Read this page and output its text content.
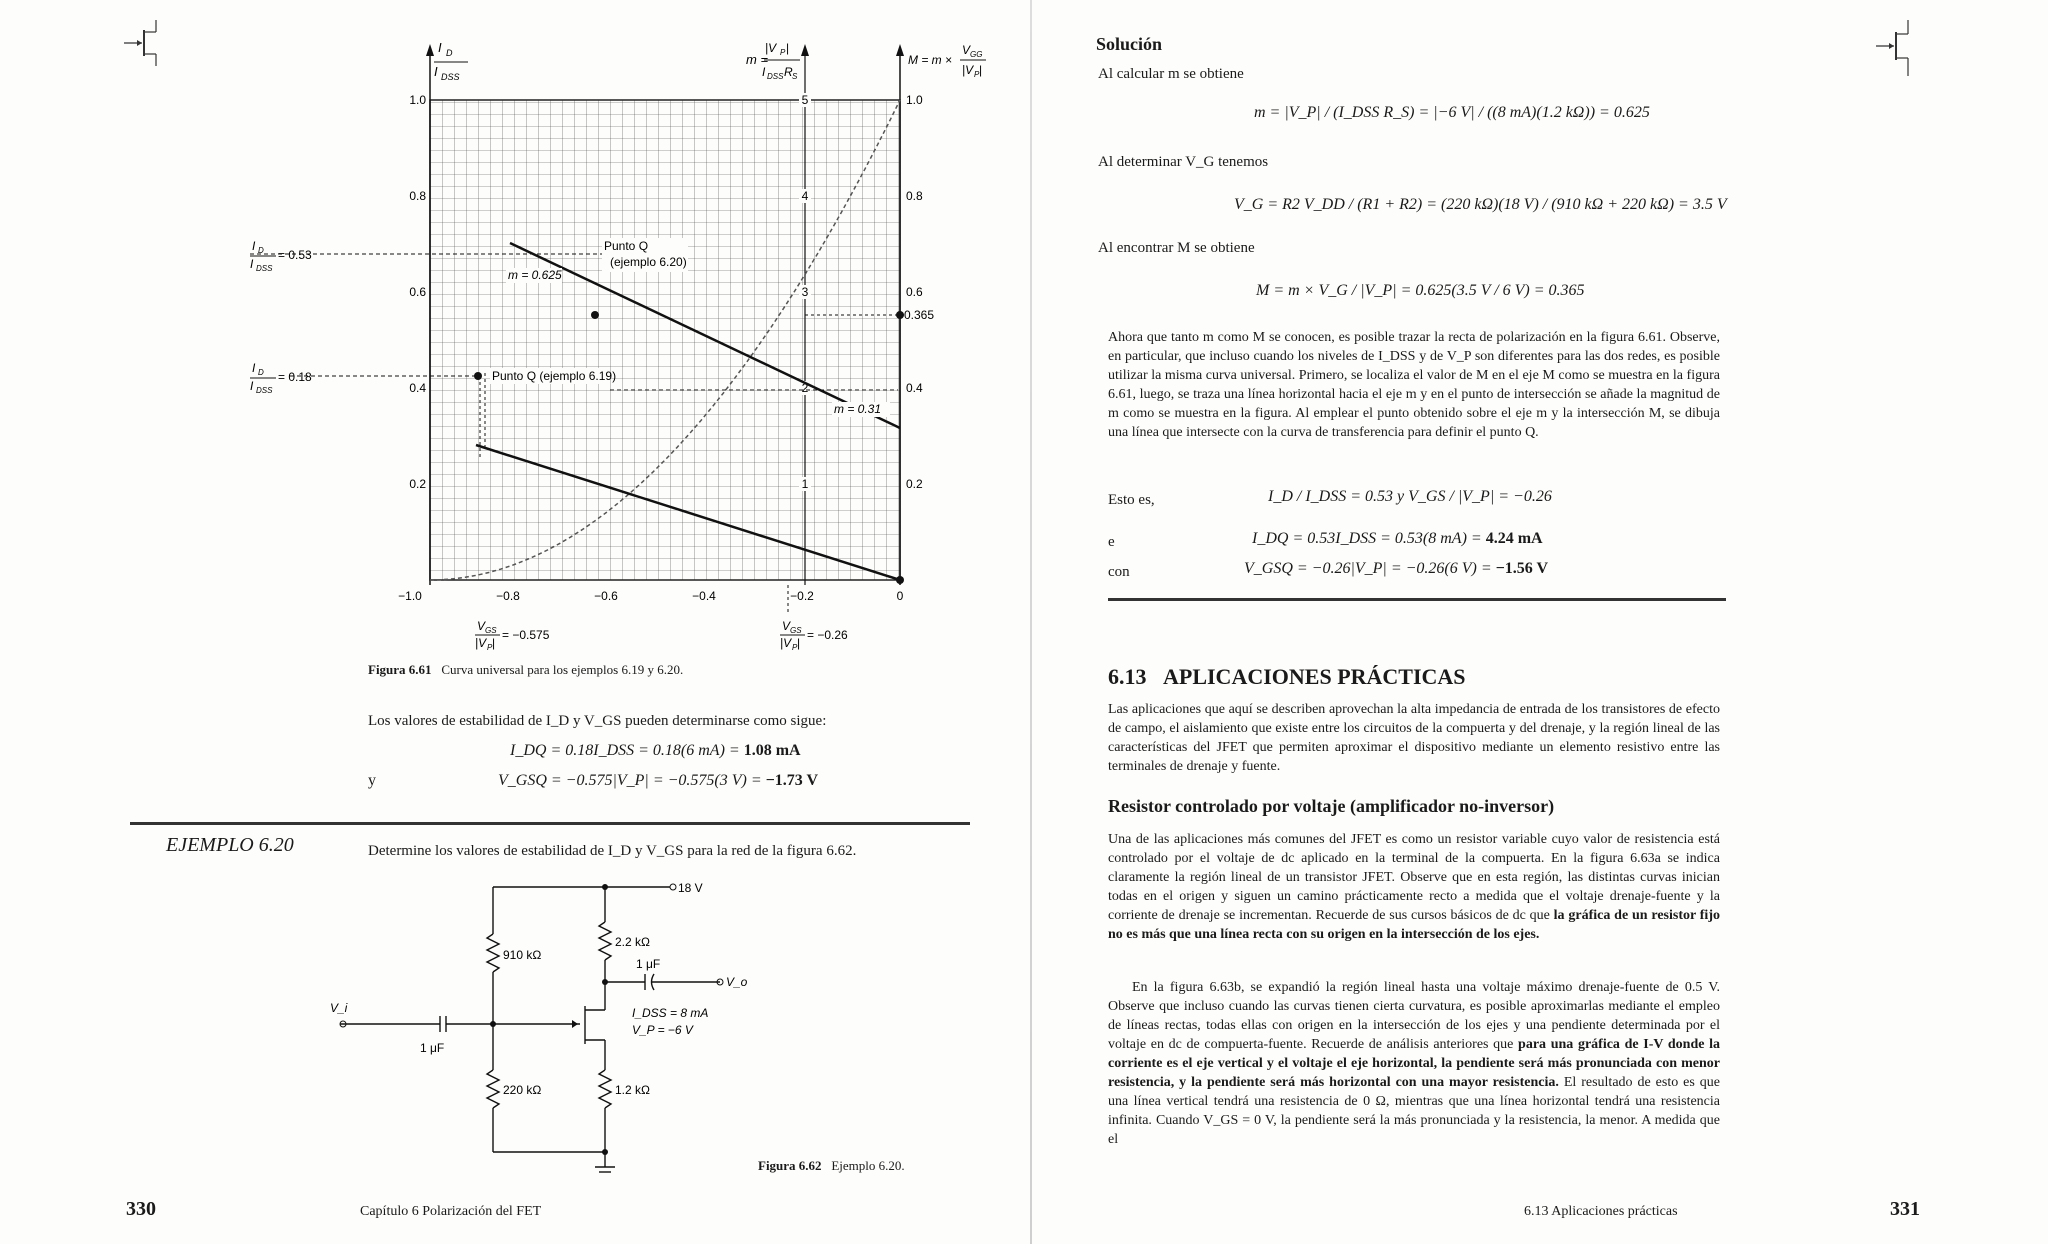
I D
I DSS
m =
|V P |
I DSS R S
M = m ×
V GG
|V P |
1.0
0.8
0.6
0.4
0.2
1.0
0.8
0.6
0.4
0.2
5
4
3
2
1
−1.0	−0.8	−0.6	−0.4	−0.2	0
Punto Q
(ejemplo 6.20)
Punto Q (ejemplo 6.19)
m = 0.625
m = 0.31
0.365
I D
I DSS
= 0.53
I D
I DSS
= 0.18
V GS
|V P |
= −0.575
V GS
|V P |
= −0.26
Figura 6.61 Curva universal para los ejemplos 6.19 y 6.20.
Los valores de estabilidad de I_D y V_GS pueden determinarse como sigue:
I_DQ = 0.18I_DSS = 0.18(6 mA) = 1.08 mA
y	V_GSQ = −0.575|V_P| = −0.575(3 V) = −1.73 V
EJEMPLO 6.20	Determine los valores de estabilidad de I_D y V_GS para la red de la figura 6.62.
18 V
910 kΩ
220 kΩ
2.2 kΩ
1.2 kΩ
1 μF
1 μF
V_i
V_o
I_DSS = 8 mA
V_P = −6 V
Figura 6.62 Ejemplo 6.20.
330	Capítulo 6 Polarización del FET
Solución
Al calcular m se obtiene
m = |V_P| / (I_DSS R_S) = |−6 V| / ((8 mA)(1.2 kΩ)) = 0.625
Al determinar V_G tenemos
V_G = R2 V_DD / (R1 + R2) = (220 kΩ)(18 V) / (910 kΩ + 220 kΩ) = 3.5 V
Al encontrar M se obtiene
M = m × V_G / |V_P| = 0.625(3.5 V / 6 V) = 0.365
Ahora que tanto m como M se conocen, es posible trazar la recta de polarización en la figura 6.61. Observe, en particular, que incluso cuando los niveles de I_DSS y de V_P son diferentes para las dos redes, es posible utilizar la misma curva universal. Primero, se localiza el valor de M en el eje M como se muestra en la figura 6.61, luego, se traza una línea horizontal hacia el eje m y en el punto de intersección se añade la magnitud de m como se muestra en la figura. Al emplear el punto obtenido sobre el eje m y la intersección M, se dibuja una línea que intersecte con la curva de transferencia para definir el punto Q.
Esto es,	I_D / I_DSS = 0.53 y V_GS / |V_P| = −0.26
e	I_DQ = 0.53I_DSS = 0.53(8 mA) = 4.24 mA
con	V_GSQ = −0.26|V_P| = −0.26(6 V) = −1.56 V
6.13 APLICACIONES PRÁCTICAS
Las aplicaciones que aquí se describen aprovechan la alta impedancia de entrada de los transistores de efecto de campo, el aislamiento que existe entre los circuitos de la compuerta y del drenaje, y la región lineal de las características del JFET que permiten aproximar el dispositivo mediante un elemento resistivo entre las terminales de drenaje y fuente.
Resistor controlado por voltaje (amplificador no-inversor)
Una de las aplicaciones más comunes del JFET es como un resistor variable cuyo valor de resistencia está controlado por el voltaje de dc aplicado en la terminal de la compuerta. En la figura 6.63a se indica claramente la región lineal de un transistor JFET. Observe que en esta región, las distintas curvas inician todas en el origen y siguen un camino prácticamente recto a medida que el voltaje drenaje-fuente y la corriente de drenaje se incrementan. Recuerde de sus cursos básicos de dc que la gráfica de un resistor fijo no es más que una línea recta con su origen en la intersección de los ejes.
En la figura 6.63b, se expandió la región lineal hasta una voltaje máximo drenaje-fuente de 0.5 V. Observe que incluso cuando las curvas tienen cierta curvatura, es posible aproximarlas mediante el empleo de líneas rectas, todas ellas con origen en la intersección de los ejes y una pendiente determinada por el voltaje en dc de compuerta-fuente. Recuerde de análisis anteriores que para una gráfica de I-V donde la corriente es el eje vertical y el voltaje el eje horizontal, la pendiente será más pronunciada con menor resistencia, y la pendiente será más horizontal con una mayor resistencia. El resultado de esto es que una línea vertical tendrá una resistencia de 0 Ω, mientras que una línea horizontal tendrá una resistencia infinita. Cuando V_GS = 0 V, la pendiente será la más pronunciada y la resistencia, la menor. A medida que el
6.13 Aplicaciones prácticas	331
